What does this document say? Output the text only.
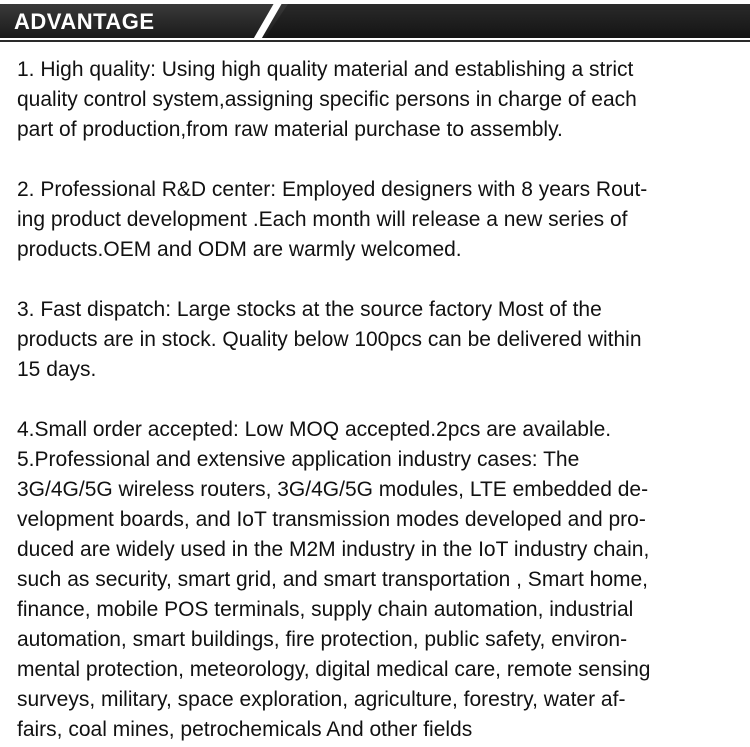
ADVANTAGE

1. High quality: Using high quality material and establishing a strict
quality control system,assigning specific persons in charge of each
part of production,from raw material purchase to assembly.

2. Professional R&D center: Employed designers with 8 years Rout-
ing product development .Each month will release a new series of
products.OEM and ODM are warmly welcomed.

3. Fast dispatch: Large stocks at the source factory Most of the
products are in stock. Quality below 100pcs can be delivered within
15 days.

4.Small order accepted: Low MOQ accepted.2pcs are available.

5.Professional and extensive application industry cases: The
3G/4G/5G wireless routers, 3G/4G/5G modules, LTE embedded de-
velopment boards, and IoT transmission modes developed and pro-
duced are widely used in the M2M industry in the IoT industry chain,
such as security, smart grid, and smart transportation , Smart home,
finance, mobile POS terminals, supply chain automation, industrial
automation, smart buildings, fire protection, public safety, environ-
mental protection, meteorology, digital medical care, remote sensing
surveys, military, space exploration, agriculture, forestry, water af-
fairs, coal mines, petrochemicals And other fields
